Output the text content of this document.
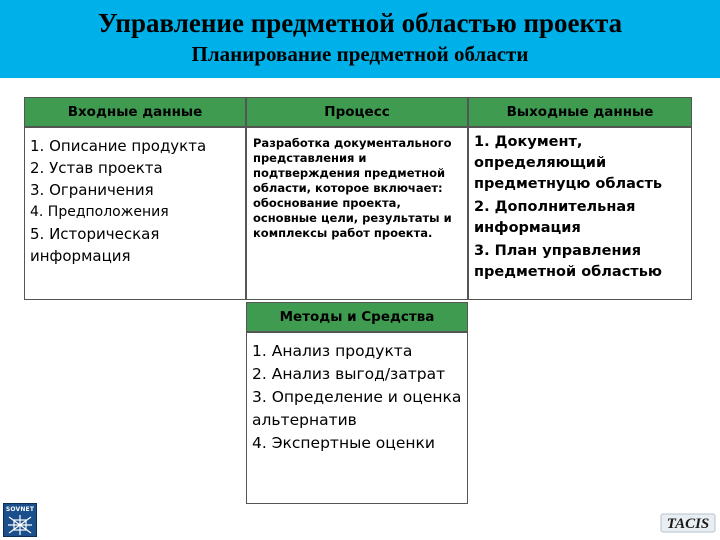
Управление предметной областью проекта
Планирование предметной области
Входные данные	Процесс	Выходные данные
1. Описание продукта
2. Устав проекта
3. Ограничения
4. Предположения
5. Историческая информация
Разработка документального представления и подтверждения предметной области, которое включает: обоснование проекта, основные цели, результаты и комплексы работ проекта.
1. Документ, определяющий предметнуцю область
2. Дополнительная информация
3. План управления предметной областью
Методы и Средства
1. Анализ продукта
2. Анализ выгод/затрат
3. Определение и оценка альтернатив
4. Экспертные оценки
SOVNET
TACIS
